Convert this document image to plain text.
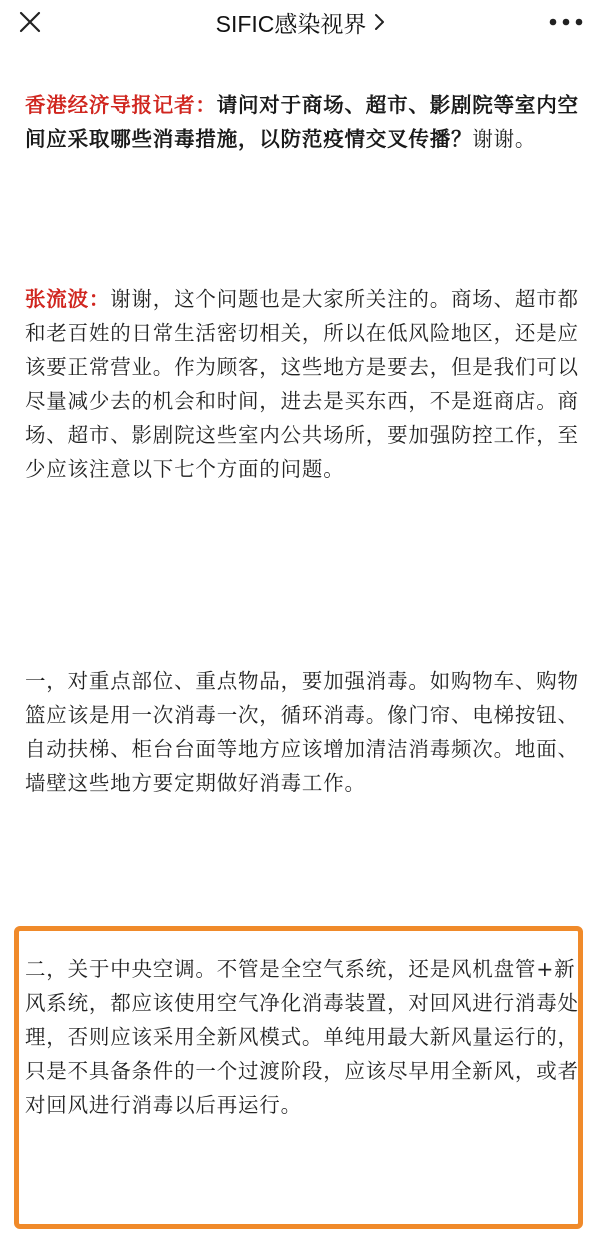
SIFIC感染视界

香港经济导报记者：请问对于商场、超市、影剧院等室内空间应采取哪些消毒措施，以防范疫情交叉传播？谢谢。

张流波：谢谢，这个问题也是大家所关注的。商场、超市都和老百姓的日常生活密切相关，所以在低风险地区，还是应该要正常营业。作为顾客，这些地方是要去，但是我们可以尽量减少去的机会和时间，进去是买东西，不是逛商店。商场、超市、影剧院这些室内公共场所，要加强防控工作，至少应该注意以下七个方面的问题。

一，对重点部位、重点物品，要加强消毒。如购物车、购物篮应该是用一次消毒一次，循环消毒。像门帘、电梯按钮、自动扶梯、柜台台面等地方应该增加清洁消毒频次。地面、墙壁这些地方要定期做好消毒工作。

二，关于中央空调。不管是全空气系统，还是风机盘管+新风系统，都应该使用空气净化消毒装置，对回风进行消毒处理，否则应该采用全新风模式。单纯用最大新风量运行的，只是不具备条件的一个过渡阶段，应该尽早用全新风，或者对回风进行消毒以后再运行。
